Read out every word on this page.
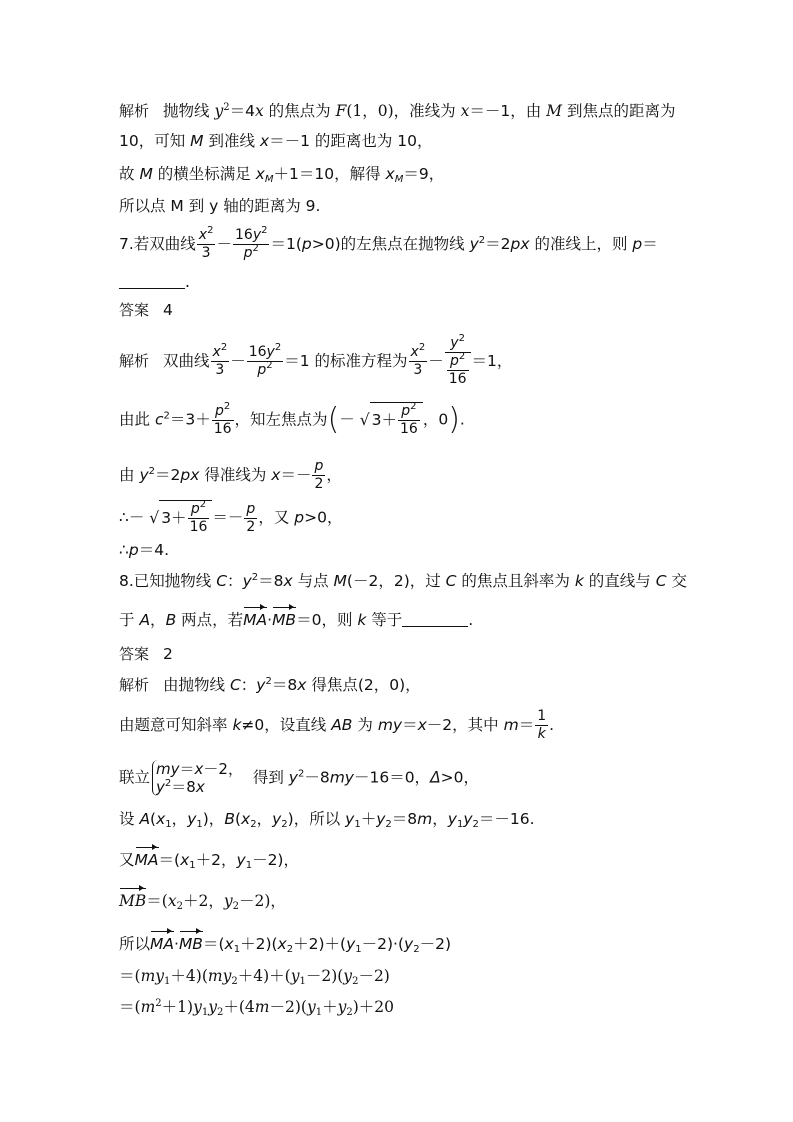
解析 抛物线 $y^2=4x$ 的焦点为 F(1，0)，准线为 x＝－1，由 M 到焦点的距离为
10，可知 M 到准线 x＝－1 的距离也为 10，
故 M 的横坐标满足 $x_M+1=10$，解得 $x_M=9$，
所以点 M 到 y 轴的距离为 9.
7.若双曲线 $\frac{x^2}{3} - \frac{16y^2}{p^2} =1(p>0)$的左焦点在抛物线 $y^2=2px$ 的准线上，则 p＝
.
答案 4
解析 双曲线 $\frac{x^2}{3} - \frac{16y^2}{p^2} =1$ 的标准方程为 $\frac{x^2}{3} - \frac{y^2}{\frac{p^2}{16}} =1$，
由此 $c^2=3+ \frac{p^2}{16}$ ，知左焦点为(－ √ $3+ \frac{p^2}{16}$ ，0).
由 $y^2=2px$ 得准线为 $x=- \frac{p}{2}$ ，
∴－ √ $3+ \frac{p^2}{16} =- \frac{p}{2}$ ，又 p>0，
∴p＝4.
8.已知抛物线 C：$y^2=8x$ 与点 M(－2，2)，过 C 的焦点且斜率为 k 的直线与 C 交
于 A，B 两点，若MA·MB＝0，则 k 等于	.
答案 2
解析 由抛物线 C：$y^2=8x$ 得焦点(2，0)，
由题意可知斜率 k≠0，设直线 AB 为 my＝x－2，其中 $m= \frac{1}{k}$ .
联立 my＝x－2，
$y^2=8x$  得到 $y^2-8my-16=0$，Δ>0，
设 $A(x_1$，$y_1$)，$B(x_2$，$y_2$)，所以 $y_1+y_2=8m$，$y_1y_2=-16$.
又$MA=(x_1+2$，$y_1-2$)，
$MB=(x_2+2$，$y_2-2$)，
所以$MA\cdot MB=(x_1+2)(x_2+2)+(y_1-2)\cdot(y_2-2)$
$=(my_1+4)(my_2+4)+(y_1-2)(y_2-2)$
$=(m^2+1)y_1y_2+(4m-2)(y_1+y_2)+20$
